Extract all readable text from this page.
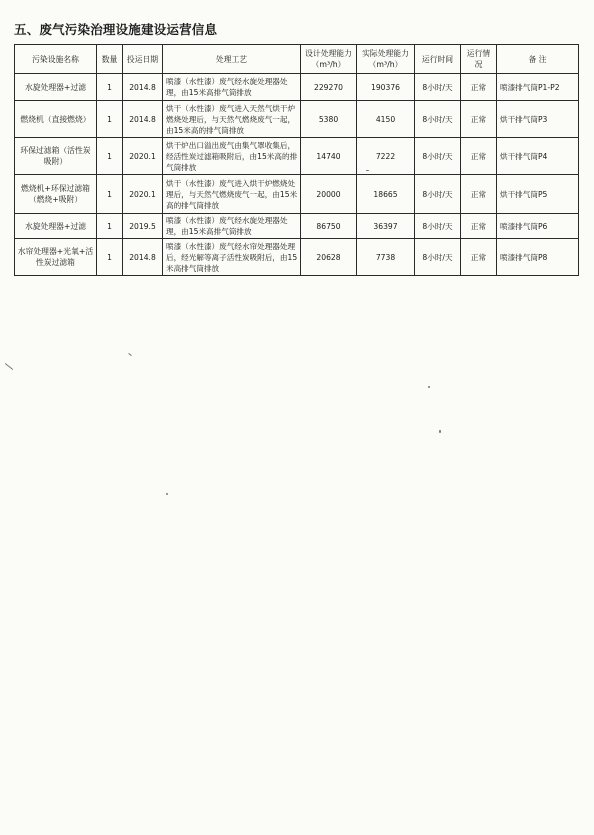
五、废气污染治理设施建设运营信息
污染设施名称	数量	投运日期	处理工艺	设计处理能力（m³/h）	实际处理能力（m³/h）	运行时间	运行情况	备 注
水旋处理器+过滤	1	2014.8	喷漆（水性漆）废气经水旋处理器处理，由15米高排气筒排放	229270	190376	8小时/天	正常	喷漆排气筒P1-P2
燃烧机（直接燃烧）	1	2014.8	烘干（水性漆）废气进入天然气烘干炉燃烧处理后，与天然气燃烧废气一起，由15米高的排气筒排放	5380	4150	8小时/天	正常	烘干排气筒P3
环保过滤箱（活性炭吸附）	1	2020.1	烘干炉出口溢出废气由集气罩收集后，经活性炭过滤箱吸附后，由15米高的排气筒排放	14740	7222	8小时/天	正常	烘干排气筒P4
燃烧机+环保过滤箱（燃烧+吸附）	1	2020.1	烘干（水性漆）废气进入烘干炉燃烧处理后，与天然气燃烧废气一起，由15米高的排气筒排放	20000	18665	8小时/天	正常	烘干排气筒P5
水旋处理器+过滤	1	2019.5	喷漆（水性漆）废气经水旋处理器处理，由15米高排气筒排放	86750	36397	8小时/天	正常	喷漆排气筒P6
水帘处理器+光氧+活性炭过滤箱	1	2014.8	喷漆（水性漆）废气经水帘处理器处理后，经光解等离子活性炭吸附后，由15米高排气筒排放	20628	7738	8小时/天	正常	喷漆排气筒P8
